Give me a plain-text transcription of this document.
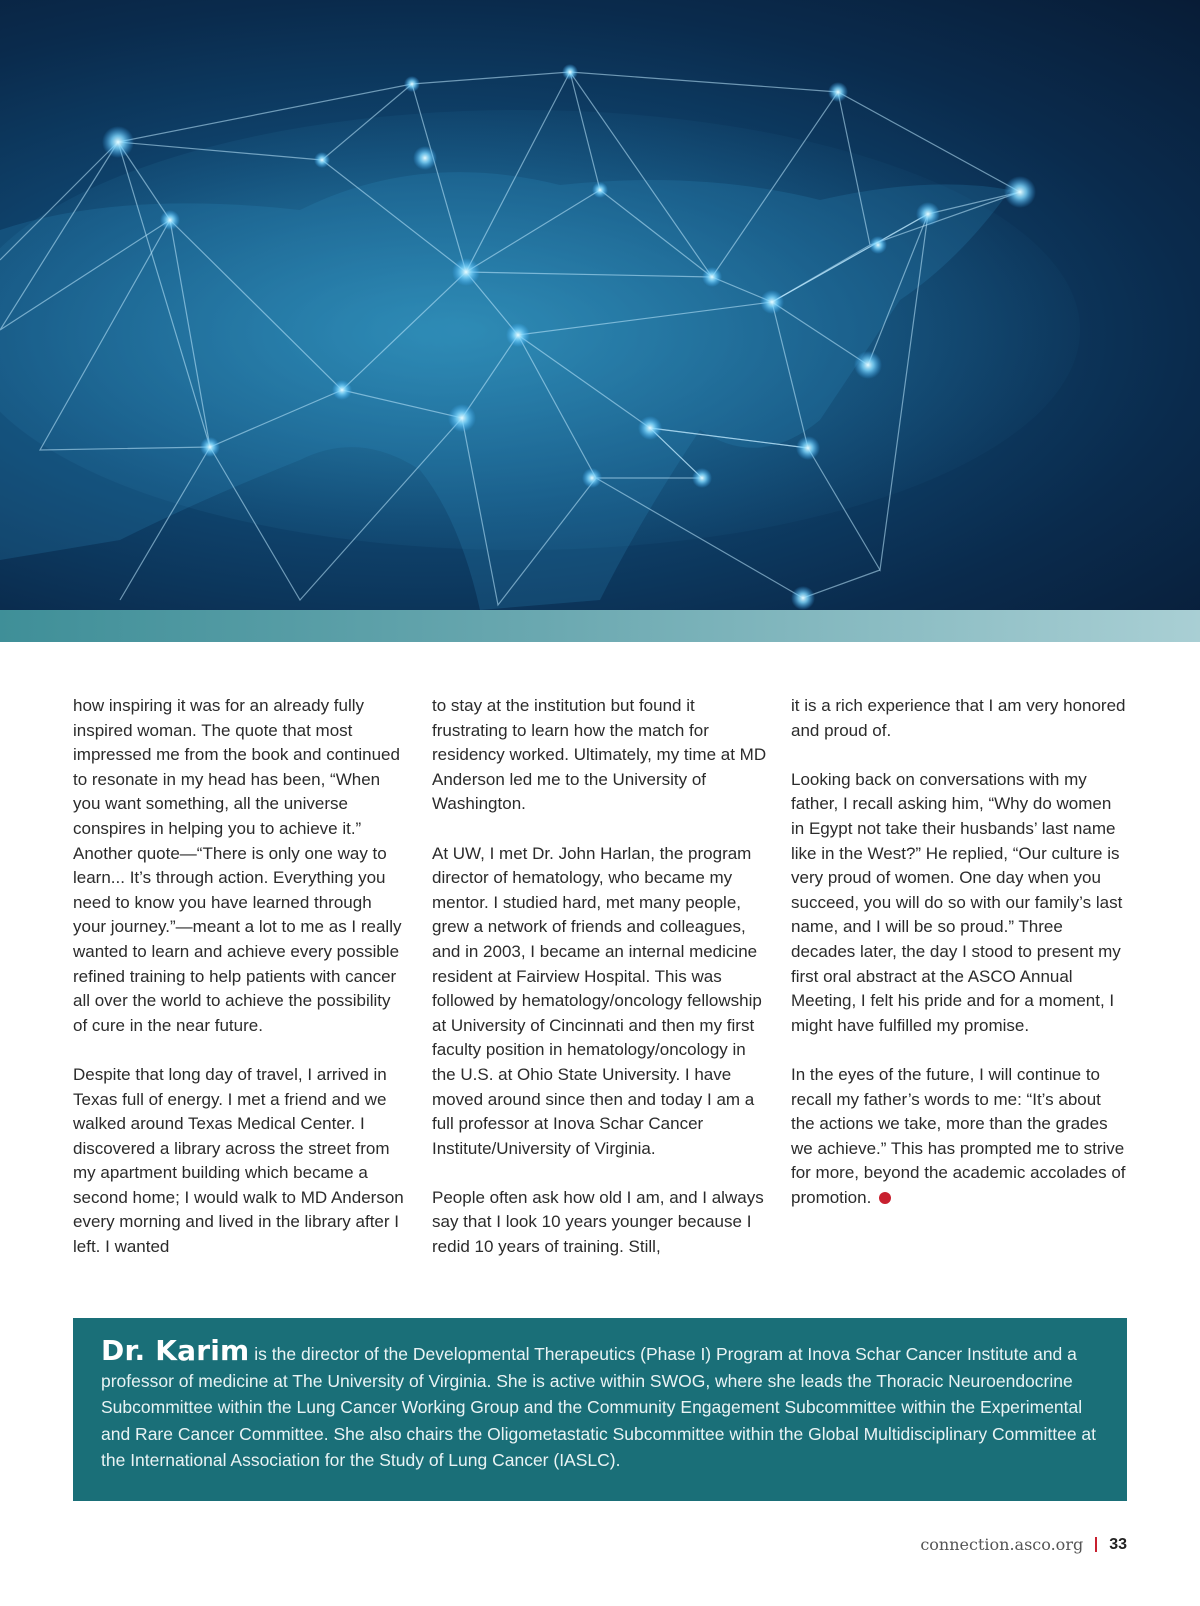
how inspiring it was for an already fully inspired woman. The quote that most impressed me from the book and continued to resonate in my head has been, “When you want something, all the universe conspires in helping you to achieve it.” Another quote—“There is only one way to learn... It’s through action. Everything you need to know you have learned through your journey.”—meant a lot to me as I really wanted to learn and achieve every possible refined training to help patients with cancer all over the world to achieve the possibility of cure in the near future.

Despite that long day of travel, I arrived in Texas full of energy. I met a friend and we walked around Texas Medical Center. I discovered a library across the street from my apartment building which became a second home; I would walk to MD Anderson every morning and lived in the library after I left. I wanted

to stay at the institution but found it frustrating to learn how the match for residency worked. Ultimately, my time at MD Anderson led me to the University of Washington.

At UW, I met Dr. John Harlan, the program director of hematology, who became my mentor. I studied hard, met many people, grew a network of friends and colleagues, and in 2003, I became an internal medicine resident at Fairview Hospital. This was followed by hematology/oncology fellowship at University of Cincinnati and then my first faculty position in hematology/oncology in the U.S. at Ohio State University. I have moved around since then and today I am a full professor at Inova Schar Cancer Institute/University of Virginia.

People often ask how old I am, and I always say that I look 10 years younger because I redid 10 years of training. Still,

it is a rich experience that I am very honored and proud of.

Looking back on conversations with my father, I recall asking him, “Why do women in Egypt not take their husbands’ last name like in the West?” He replied, “Our culture is very proud of women. One day when you succeed, you will do so with our family’s last name, and I will be so proud.” Three decades later, the day I stood to present my first oral abstract at the ASCO Annual Meeting, I felt his pride and for a moment, I might have fulfilled my promise.

In the eyes of the future, I will continue to recall my father’s words to me: “It’s about the actions we take, more than the grades we achieve.” This has prompted me to strive for more, beyond the academic accolades of promotion.

Dr. Karim is the director of the Developmental Therapeutics (Phase I) Program at Inova Schar Cancer Institute and a professor of medicine at The University of Virginia. She is active within SWOG, where she leads the Thoracic Neuroendocrine Subcommittee within the Lung Cancer Working Group and the Community Engagement Subcommittee within the Experimental and Rare Cancer Committee. She also chairs the Oligometastatic Subcommittee within the Global Multidisciplinary Committee at the International Association for the Study of Lung Cancer (IASLC).
connection.asco.org 33
